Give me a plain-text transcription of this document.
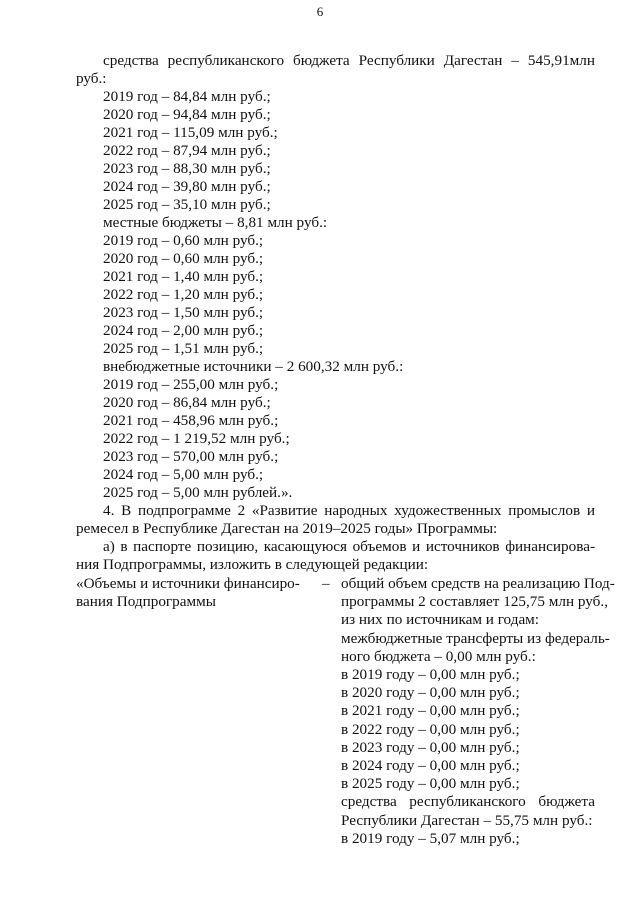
6
средства республиканского бюджета Республики Дагестан – 545,91млн
руб.:
2019 год – 84,84 млн руб.;
2020 год – 94,84 млн руб.;
2021 год – 115,09 млн руб.;
2022 год – 87,94 млн руб.;
2023 год – 88,30 млн руб.;
2024 год – 39,80 млн руб.;
2025 год – 35,10 млн руб.;
местные бюджеты – 8,81 млн руб.:
2019 год – 0,60 млн руб.;
2020 год – 0,60 млн руб.;
2021 год – 1,40 млн руб.;
2022 год – 1,20 млн руб.;
2023 год – 1,50 млн руб.;
2024 год – 2,00 млн руб.;
2025 год – 1,51 млн руб.;
внебюджетные источники – 2 600,32 млн руб.:
2019 год – 255,00 млн руб.;
2020 год – 86,84 млн руб.;
2021 год – 458,96 млн руб.;
2022 год – 1 219,52 млн руб.;
2023 год – 570,00 млн руб.;
2024 год – 5,00 млн руб.;
2025 год – 5,00 млн рублей.».
4. В подпрограмме 2 «Развитие народных художественных промыслов и
ремесел в Республике Дагестан на 2019–2025 годы» Программы:
а) в паспорте позицию, касающуюся объемов и источников финансирова-
ния Подпрограммы, изложить в следующей редакции:
«Объемы и источники финансиро-
вания Подпрограммы
– общий объем средств на реализацию Под-
программы 2 составляет 125,75 млн руб.,
из них по источникам и годам:
межбюджетные трансферты из федераль-
ного бюджета – 0,00 млн руб.:
в 2019 году – 0,00 млн руб.;
в 2020 году – 0,00 млн руб.;
в 2021 году – 0,00 млн руб.;
в 2022 году – 0,00 млн руб.;
в 2023 году – 0,00 млн руб.;
в 2024 году – 0,00 млн руб.;
в 2025 году – 0,00 млн руб.;
средства республиканского бюджета
Республики Дагестан – 55,75 млн руб.:
в 2019 году – 5,07 млн руб.;
